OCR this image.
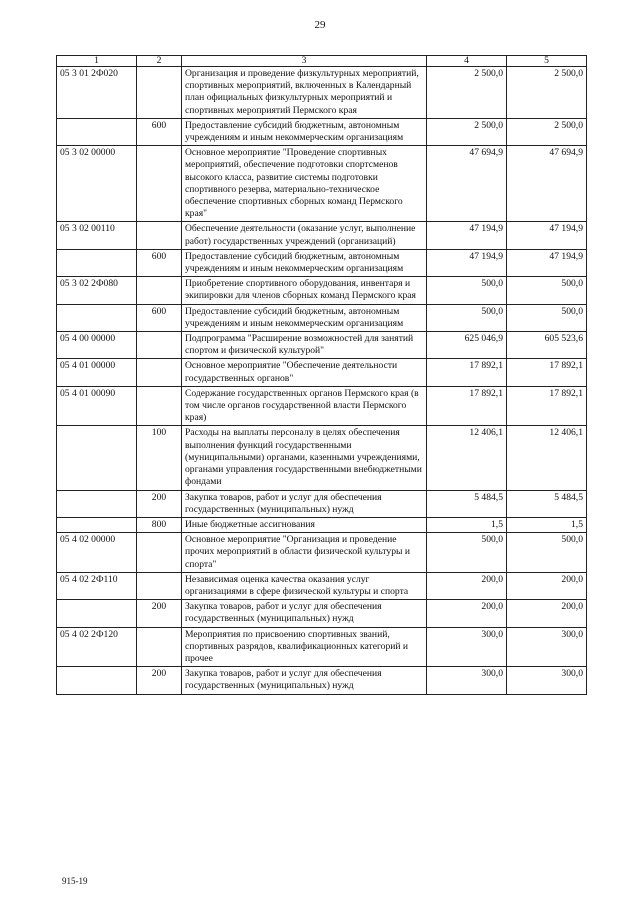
29
1	2	3	4	5
05 3 01 2Ф020		Организация и проведение физкультурных мероприятий, спортивных мероприятий, включенных в Календарный план официальных физкультурных мероприятий и спортивных мероприятий Пермского края	2 500,0	2 500,0
	600	Предоставление субсидий бюджетным, автономным учреждениям и иным некоммерческим организациям	2 500,0	2 500,0
05 3 02 00000		Основное мероприятие "Проведение спортивных мероприятий, обеспечение подготовки спортсменов высокого класса, развитие системы подготовки спортивного резерва, материально-техническое обеспечение спортивных сборных команд Пермского края"	47 694,9	47 694,9
05 3 02 00110		Обеспечение деятельности (оказание услуг, выполнение работ) государственных учреждений (организаций)	47 194,9	47 194,9
	600	Предоставление субсидий бюджетным, автономным учреждениям и иным некоммерческим организациям	47 194,9	47 194,9
05 3 02 2Ф080		Приобретение спортивного оборудования, инвентаря и экипировки для членов сборных команд Пермского края	500,0	500,0
	600	Предоставление субсидий бюджетным, автономным учреждениям и иным некоммерческим организациям	500,0	500,0
05 4 00 00000		Подпрограмма "Расширение возможностей для занятий спортом и физической культурой"	625 046,9	605 523,6
05 4 01 00000		Основное мероприятие "Обеспечение деятельности государственных органов"	17 892,1	17 892,1
05 4 01 00090		Содержание государственных органов Пермского края (в том числе органов государственной власти Пермского края)	17 892,1	17 892,1
	100	Расходы на выплаты персоналу в целях обеспечения выполнения функций государственными (муниципальными) органами, казенными учреждениями, органами управления государственными внебюджетными фондами	12 406,1	12 406,1
	200	Закупка товаров, работ и услуг для обеспечения государственных (муниципальных) нужд	5 484,5	5 484,5
	800	Иные бюджетные ассигнования	1,5	1,5
05 4 02 00000		Основное мероприятие "Организация и проведение прочих мероприятий в области физической культуры и спорта"	500,0	500,0
05 4 02 2Ф110		Независимая оценка качества оказания услуг организациями в сфере физической культуры и спорта	200,0	200,0
	200	Закупка товаров, работ и услуг для обеспечения государственных (муниципальных) нужд	200,0	200,0
05 4 02 2Ф120		Мероприятия по присвоению спортивных званий, спортивных разрядов, квалификационных категорий и прочее	300,0	300,0
	200	Закупка товаров, работ и услуг для обеспечения государственных (муниципальных) нужд	300,0	300,0
915-19
